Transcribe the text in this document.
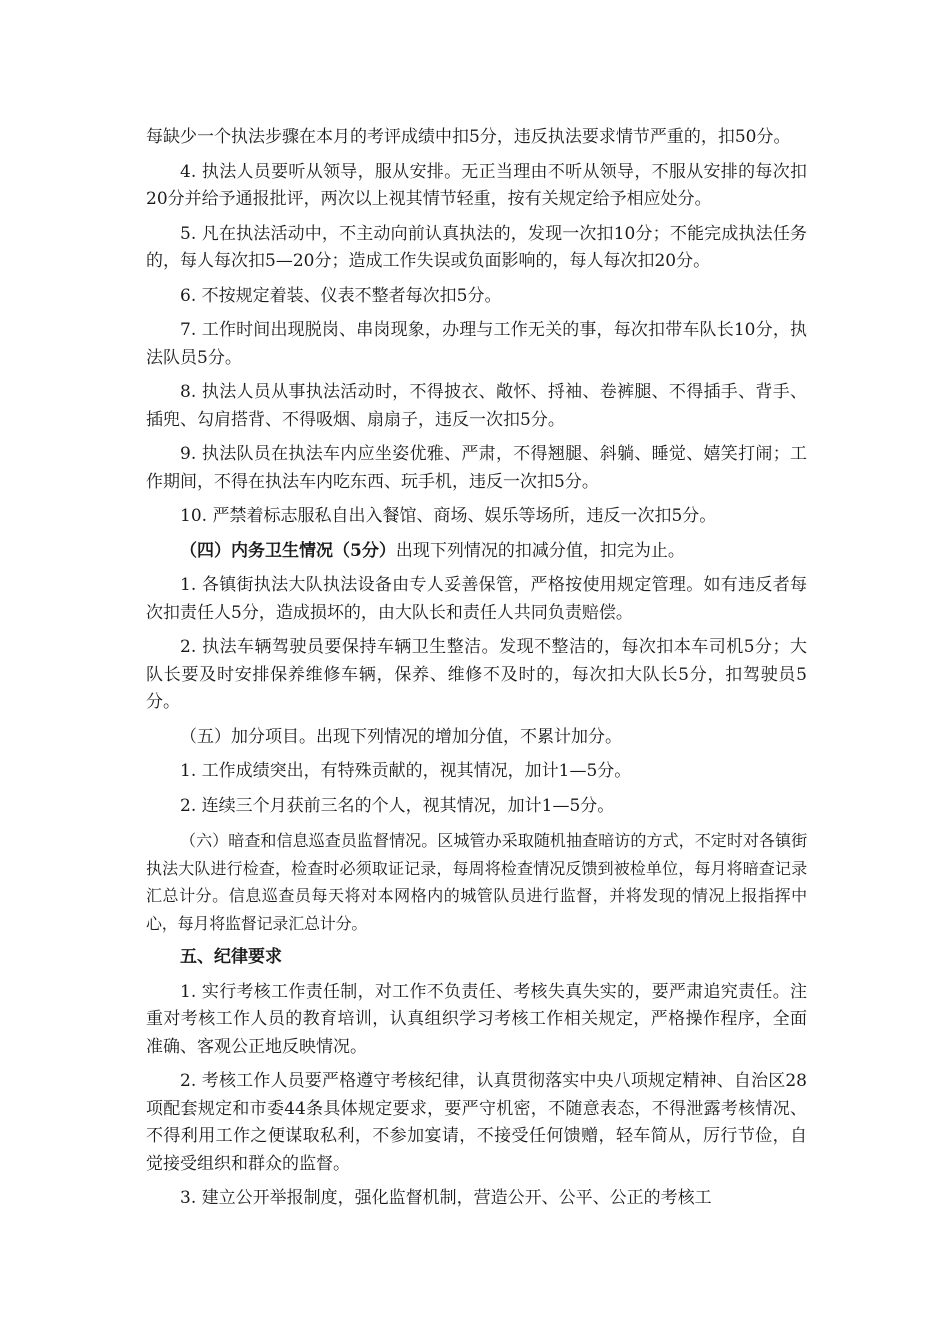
每缺少一个执法步骤在本月的考评成绩中扣5分，违反执法要求情节严重的，扣50分。

4. 执法人员要听从领导，服从安排。无正当理由不听从领导，不服从安排的每次扣20分并给予通报批评，两次以上视其情节轻重，按有关规定给予相应处分。

5. 凡在执法活动中，不主动向前认真执法的，发现一次扣10分；不能完成执法任务的，每人每次扣5—20分；造成工作失误或负面影响的，每人每次扣20分。

6. 不按规定着装、仪表不整者每次扣5分。

7. 工作时间出现脱岗、串岗现象，办理与工作无关的事，每次扣带车队长10分，执法队员5分。

8. 执法人员从事执法活动时，不得披衣、敞怀、捋袖、卷裤腿、不得插手、背手、插兜、勾肩搭背、不得吸烟、扇扇子，违反一次扣5分。

9. 执法队员在执法车内应坐姿优雅、严肃，不得翘腿、斜躺、睡觉、嬉笑打闹；工作期间，不得在执法车内吃东西、玩手机，违反一次扣5分。

10. 严禁着标志服私自出入餐馆、商场、娱乐等场所，违反一次扣5分。

（四）内务卫生情况（5分）出现下列情况的扣减分值，扣完为止。

1. 各镇街执法大队执法设备由专人妥善保管，严格按使用规定管理。如有违反者每次扣责任人5分，造成损坏的，由大队长和责任人共同负责赔偿。

2. 执法车辆驾驶员要保持车辆卫生整洁。发现不整洁的，每次扣本车司机5分；大队长要及时安排保养维修车辆，保养、维修不及时的，每次扣大队长5分，扣驾驶员5分。

（五）加分项目。出现下列情况的增加分值，不累计加分。

1. 工作成绩突出，有特殊贡献的，视其情况，加计1—5分。

2. 连续三个月获前三名的个人，视其情况，加计1—5分。

（六）暗查和信息巡查员监督情况。区城管办采取随机抽查暗访的方式，不定时对各镇街执法大队进行检查，检查时必须取证记录，每周将检查情况反馈到被检单位，每月将暗查记录汇总计分。信息巡查员每天将对本网格内的城管队员进行监督，并将发现的情况上报指挥中心，每月将监督记录汇总计分。

五、纪律要求

1. 实行考核工作责任制，对工作不负责任、考核失真失实的，要严肃追究责任。注重对考核工作人员的教育培训，认真组织学习考核工作相关规定，严格操作程序，全面准确、客观公正地反映情况。

2. 考核工作人员要严格遵守考核纪律，认真贯彻落实中央八项规定精神、自治区28项配套规定和市委44条具体规定要求，要严守机密，不随意表态，不得泄露考核情况、不得利用工作之便谋取私利，不参加宴请，不接受任何馈赠，轻车简从，厉行节俭，自觉接受组织和群众的监督。

3. 建立公开举报制度，强化监督机制，营造公开、公平、公正的考核工
